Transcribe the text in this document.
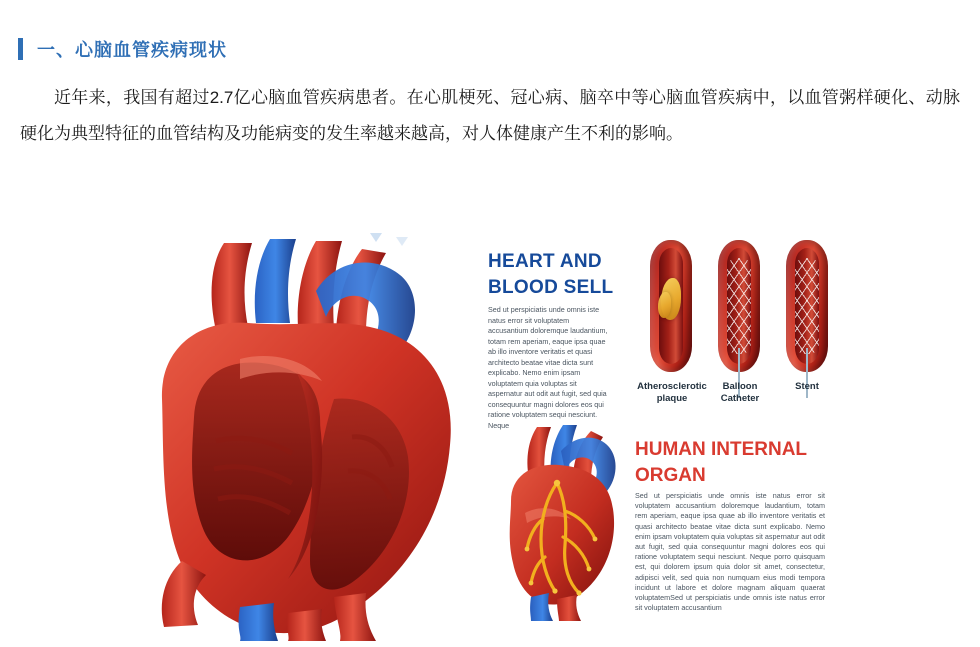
一、心脑血管疾病现状

近年来，我国有超过2.7亿心脑血管疾病患者。在心肌梗死、冠心病、脑卒中等心脑血管疾病中，以血管粥样硬化、动脉硬化为典型特征的血管结构及功能病变的发生率越来越高，对人体健康产生不利的影响。

HEART AND BLOOD SELL
Sed ut perspiciatis unde omnis iste natus error sit voluptatem accusantium doloremque laudantium, totam rem aperiam, eaque ipsa quae ab illo inventore veritatis et quasi architecto beatae vitae dicta sunt explicabo. Nemo enim ipsam voluptatem quia voluptas sit aspernatur aut odit aut fugit, sed quia consequuntur magni dolores eos qui ratione voluptatem sequi nesciunt. Neque
Atherosclerotic plaque
Balloon Catheter
Stent
HUMAN INTERNAL ORGAN
Sed ut perspiciatis unde omnis iste natus error sit voluptatem accusantium doloremque laudantium, totam rem aperiam, eaque ipsa quae ab illo inventore veritatis et quasi architecto beatae vitae dicta sunt explicabo. Nemo enim ipsam voluptatem quia voluptas sit aspernatur aut odit aut fugit, sed quia consequuntur magni dolores eos qui ratione voluptatem sequi nesciunt. Neque porro quisquam est, qui dolorem ipsum quia dolor sit amet, consectetur, adipisci velit, sed quia non numquam eius modi tempora incidunt ut labore et dolore magnam aliquam quaerat voluptatemSed ut perspiciatis unde omnis iste natus error sit voluptatem accusantium
